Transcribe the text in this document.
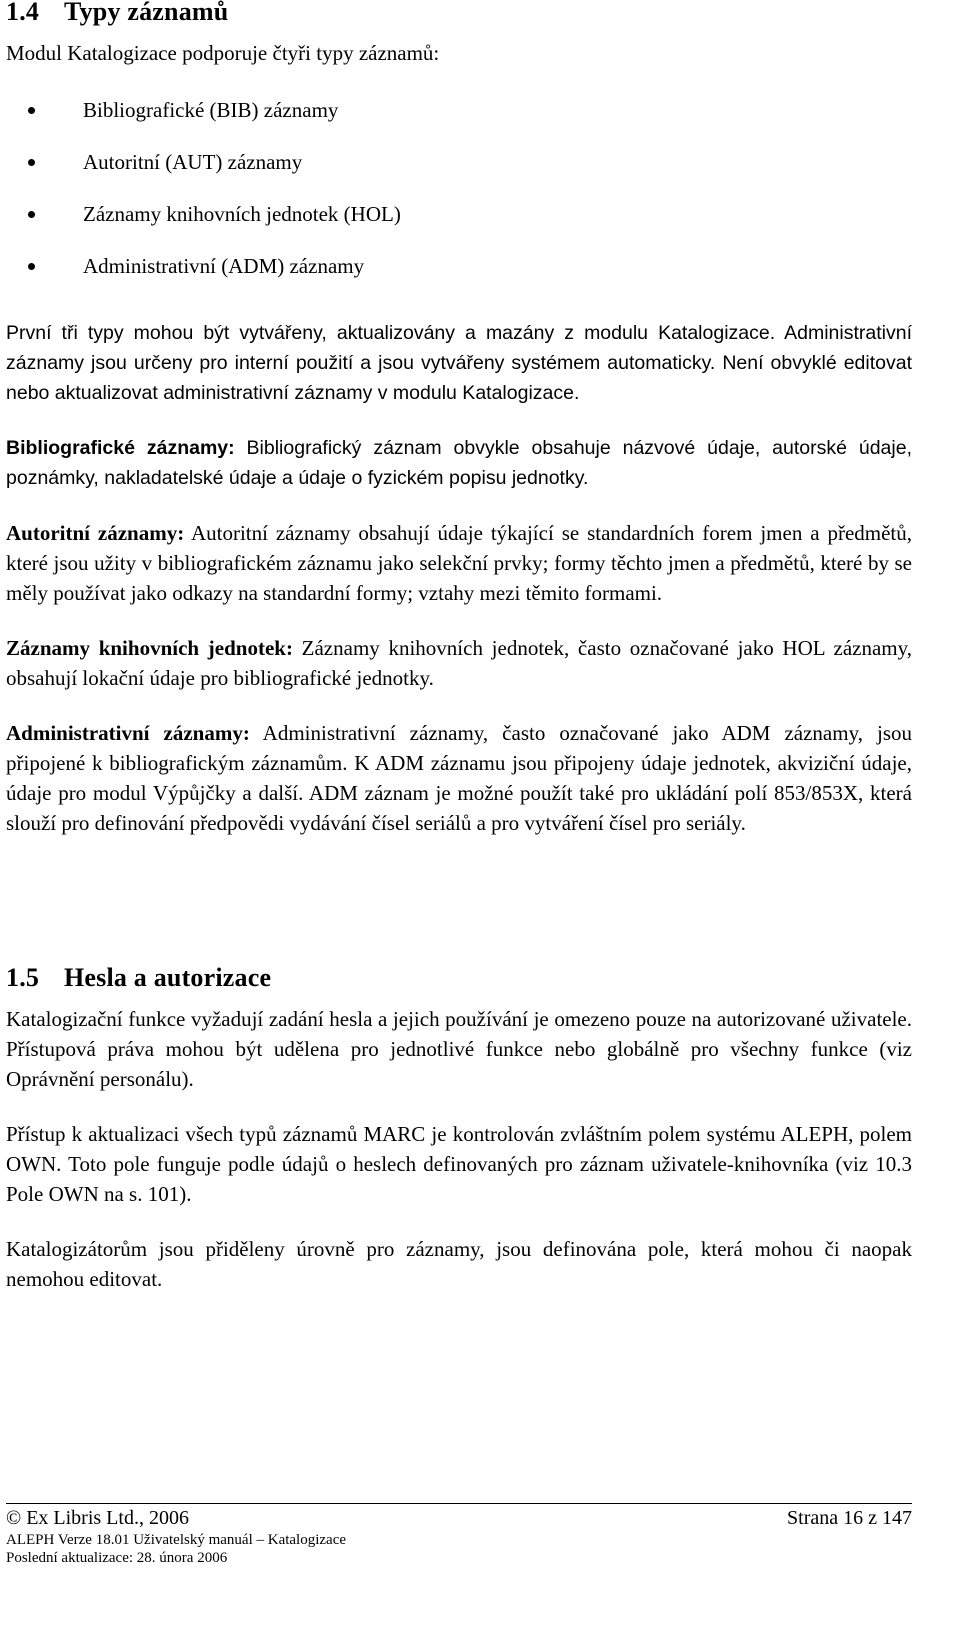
1.4 Typy záznamů

Modul Katalogizace podporuje čtyři typy záznamů:

Bibliografické (BIB) záznamy
Autoritní (AUT) záznamy
Záznamy knihovních jednotek (HOL)
Administrativní (ADM) záznamy

První tři typy mohou být vytvářeny, aktualizovány a mazány z modulu Katalogizace. Administrativní záznamy jsou určeny pro interní použití a jsou vytvářeny systémem automaticky. Není obvyklé editovat nebo aktualizovat administrativní záznamy v modulu Katalogizace.

Bibliografické záznamy: Bibliografický záznam obvykle obsahuje názvové údaje, autorské údaje, poznámky, nakladatelské údaje a údaje o fyzickém popisu jednotky.

Autoritní záznamy: Autoritní záznamy obsahují údaje týkající se standardních forem jmen a předmětů, které jsou užity v bibliografickém záznamu jako selekční prvky; formy těchto jmen a předmětů, které by se měly používat jako odkazy na standardní formy; vztahy mezi těmito formami.

Záznamy knihovních jednotek: Záznamy knihovních jednotek, často označované jako HOL záznamy, obsahují lokační údaje pro bibliografické jednotky.

Administrativní záznamy: Administrativní záznamy, často označované jako ADM záznamy, jsou připojené k bibliografickým záznamům. K ADM záznamu jsou připojeny údaje jednotek, akviziční údaje, údaje pro modul Výpůjčky a další. ADM záznam je možné použít také pro ukládání polí 853/853X, která slouží pro definování předpovědi vydávání čísel seriálů a pro vytváření čísel pro seriály.

1.5 Hesla a autorizace

Katalogizační funkce vyžadují zadání hesla a jejich používání je omezeno pouze na autorizované uživatele. Přístupová práva mohou být udělena pro jednotlivé funkce nebo globálně pro všechny funkce (viz Oprávnění personálu).

Přístup k aktualizaci všech typů záznamů MARC je kontrolován zvláštním polem systému ALEPH, polem OWN. Toto pole funguje podle údajů o heslech definovaných pro záznam uživatele-knihovníka (viz 10.3 Pole OWN na s. 101).

Katalogizátorům jsou přiděleny úrovně pro záznamy, jsou definována pole, která mohou či naopak nemohou editovat.

© Ex Libris Ltd., 2006	Strana 16 z 147
ALEPH Verze 18.01 Uživatelský manuál – Katalogizace
Poslední aktualizace: 28. února 2006
